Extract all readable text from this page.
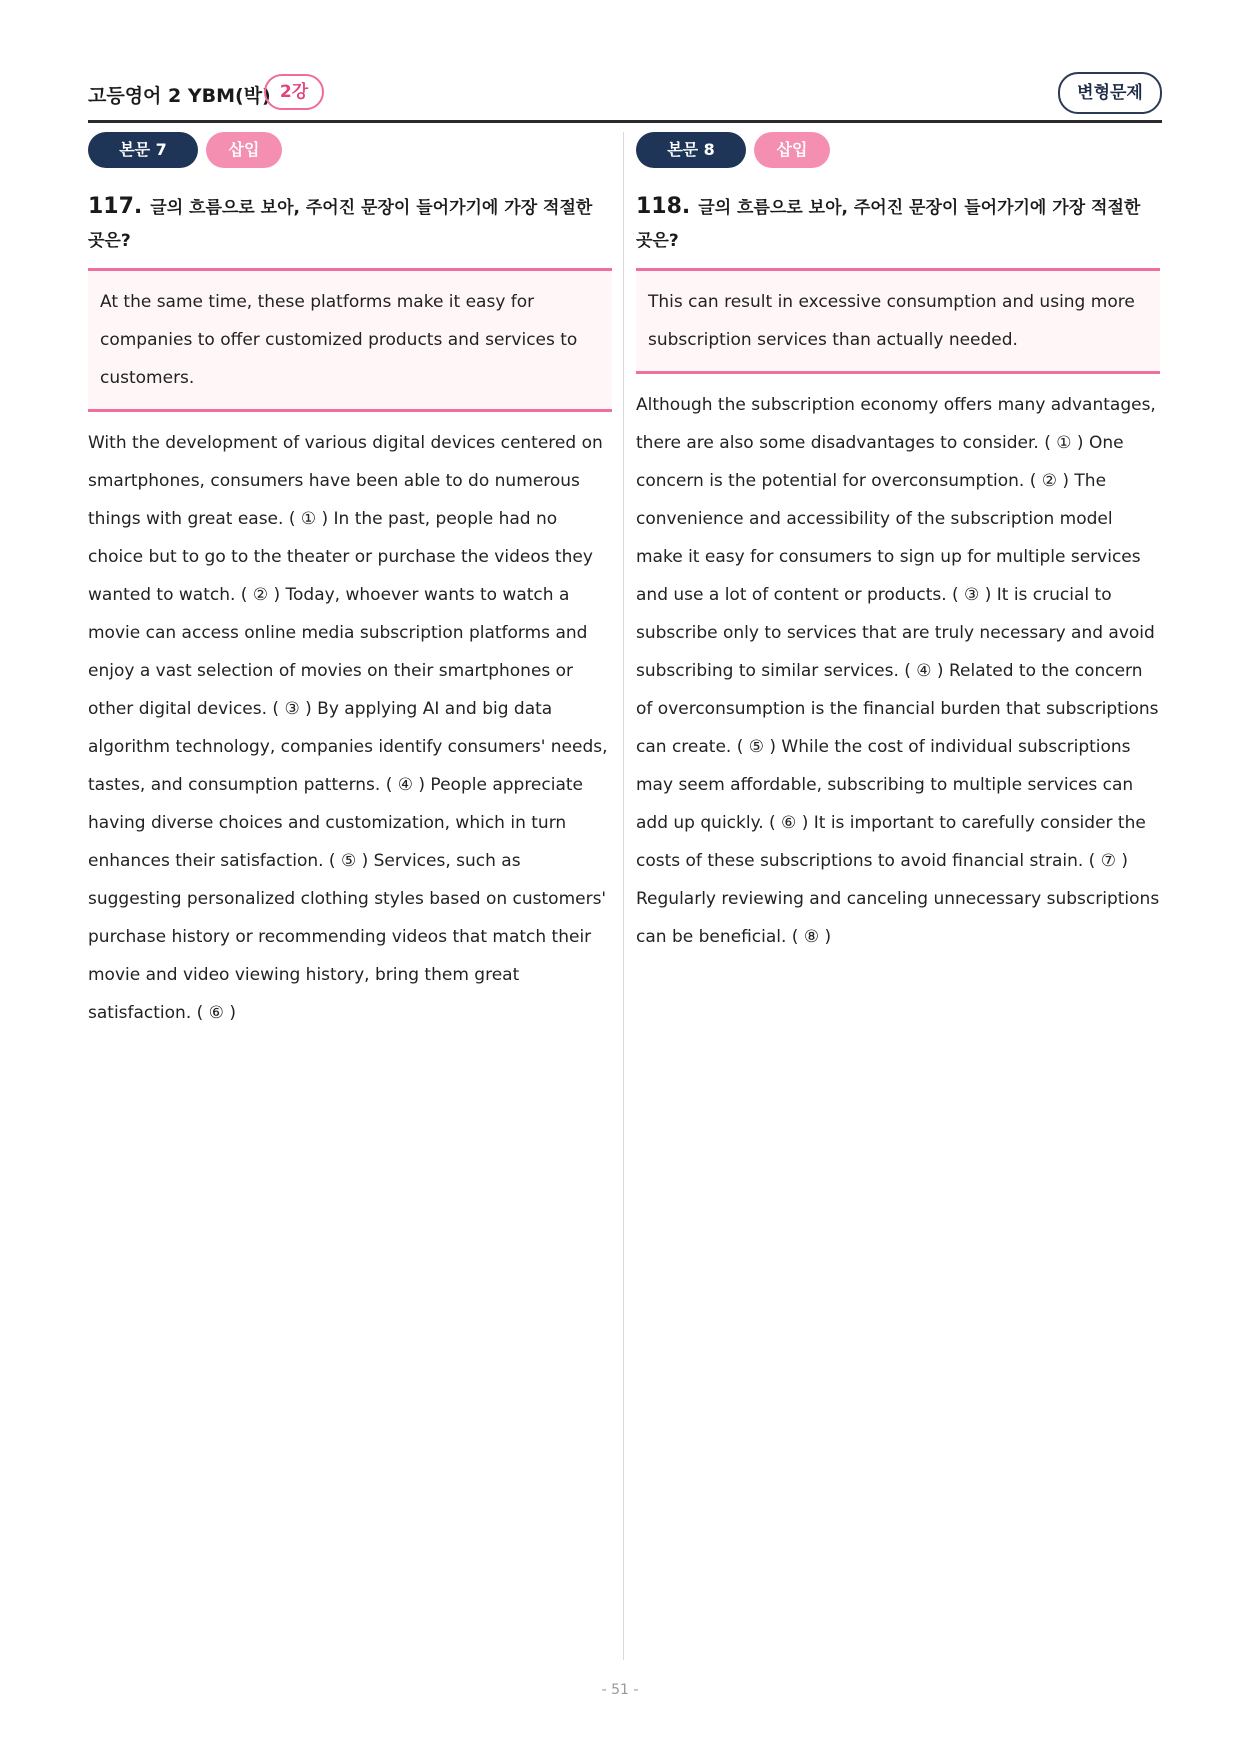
고등영어 2 YBM(박) 2강	변형문제
본문 7	삽입
117. 글의 흐름으로 보아, 주어진 문장이 들어가기에 가장 적절한 곳은?
At the same time, these platforms make it easy for companies to offer customized products and services to customers.
With the development of various digital devices centered on smartphones, consumers have been able to do numerous things with great ease. ( ① ) In the past, people had no choice but to go to the theater or purchase the videos they wanted to watch. ( ② ) Today, whoever wants to watch a movie can access online media subscription platforms and enjoy a vast selection of movies on their smartphones or other digital devices. ( ③ ) By applying AI and big data algorithm technology, companies identify consumers' needs, tastes, and consumption patterns. ( ④ ) People appreciate having diverse choices and customization, which in turn enhances their satisfaction. ( ⑤ ) Services, such as suggesting personalized clothing styles based on customers' purchase history or recommending videos that match their movie and video viewing history, bring them great satisfaction. ( ⑥ )
본문 8	삽입
118. 글의 흐름으로 보아, 주어진 문장이 들어가기에 가장 적절한 곳은?
This can result in excessive consumption and using more subscription services than actually needed.
Although the subscription economy offers many advantages, there are also some disadvantages to consider. ( ① ) One concern is the potential for overconsumption. ( ② ) The convenience and accessibility of the subscription model make it easy for consumers to sign up for multiple services and use a lot of content or products. ( ③ ) It is crucial to subscribe only to services that are truly necessary and avoid subscribing to similar services. ( ④ ) Related to the concern of overconsumption is the financial burden that subscriptions can create. ( ⑤ ) While the cost of individual subscriptions may seem affordable, subscribing to multiple services can add up quickly. ( ⑥ ) It is important to carefully consider the costs of these subscriptions to avoid financial strain. ( ⑦ ) Regularly reviewing and canceling unnecessary subscriptions can be beneficial. ( ⑧ )
- 51 -
